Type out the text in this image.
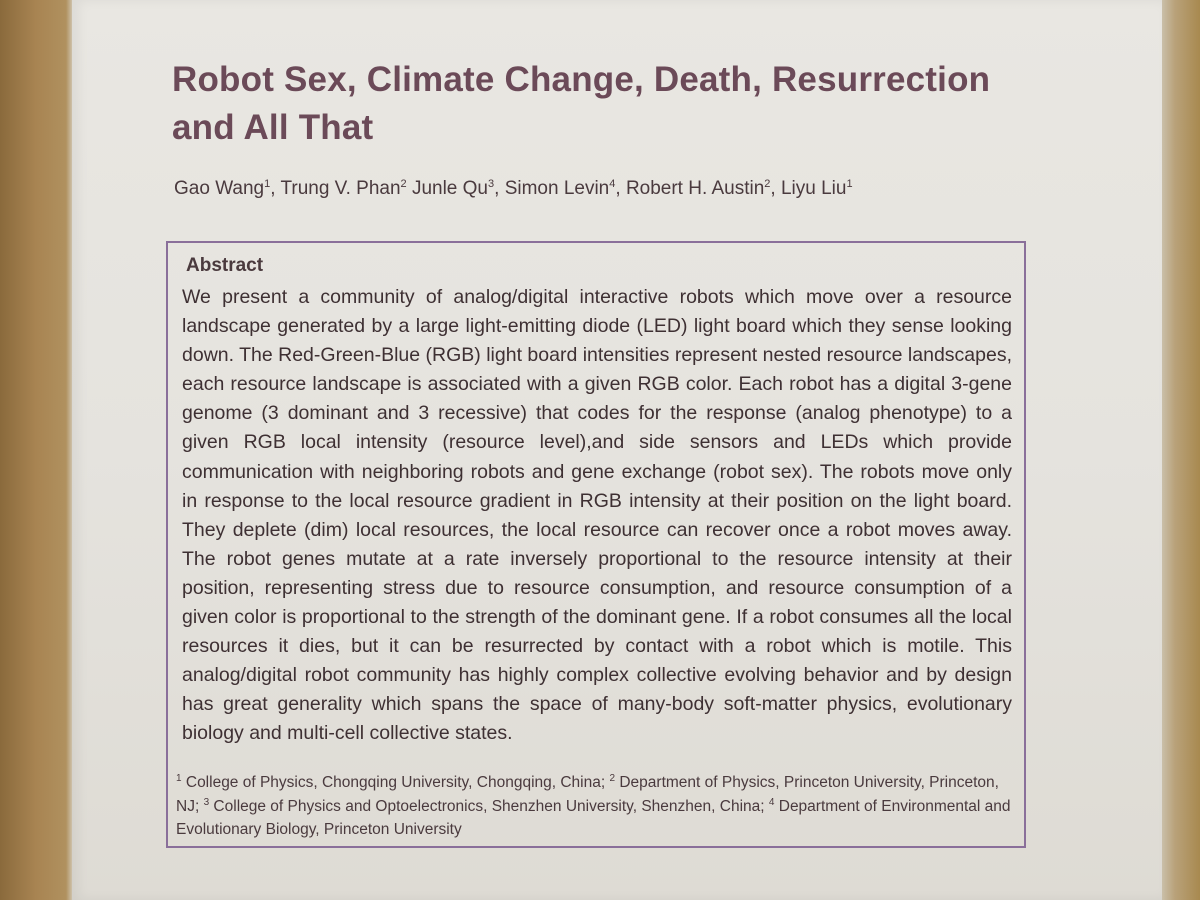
Robot Sex, Climate Change, Death, Resurrection and All That

Gao Wang$^1$, Trung V. Phan$^2$ Junle Qu$^3$, Simon Levin$^4$, Robert H. Austin$^2$, Liyu Liu$^1$

Abstract

We present a community of analog/digital interactive robots which move over a resource landscape generated by a large light-emitting diode (LED) light board which they sense looking down. The Red-Green-Blue (RGB) light board intensities represent nested resource landscapes, each resource landscape is associated with a given RGB color. Each robot has a digital 3-gene genome (3 dominant and 3 recessive) that codes for the response (analog phenotype) to a given RGB local intensity (resource level),and side sensors and LEDs which provide communication with neighboring robots and gene exchange (robot sex). The robots move only in response to the local resource gradient in RGB intensity at their position on the light board. They deplete (dim) local resources, the local resource can recover once a robot moves away. The robot genes mutate at a rate inversely proportional to the resource intensity at their position, representing stress due to resource consumption, and resource consumption of a given color is proportional to the strength of the dominant gene. If a robot consumes all the local resources it dies, but it can be resurrected by contact with a robot which is motile. This analog/digital robot community has highly complex collective evolving behavior and by design has great generality which spans the space of many-body soft-matter physics, evolutionary biology and multi-cell collective states.

$^1$ College of Physics, Chongqing University, Chongqing, China; $^2$ Department of Physics, Princeton University, Princeton, NJ; $^3$ College of Physics and Optoelectronics, Shenzhen University, Shenzhen, China; $^4$ Department of Environmental and Evolutionary Biology, Princeton University
